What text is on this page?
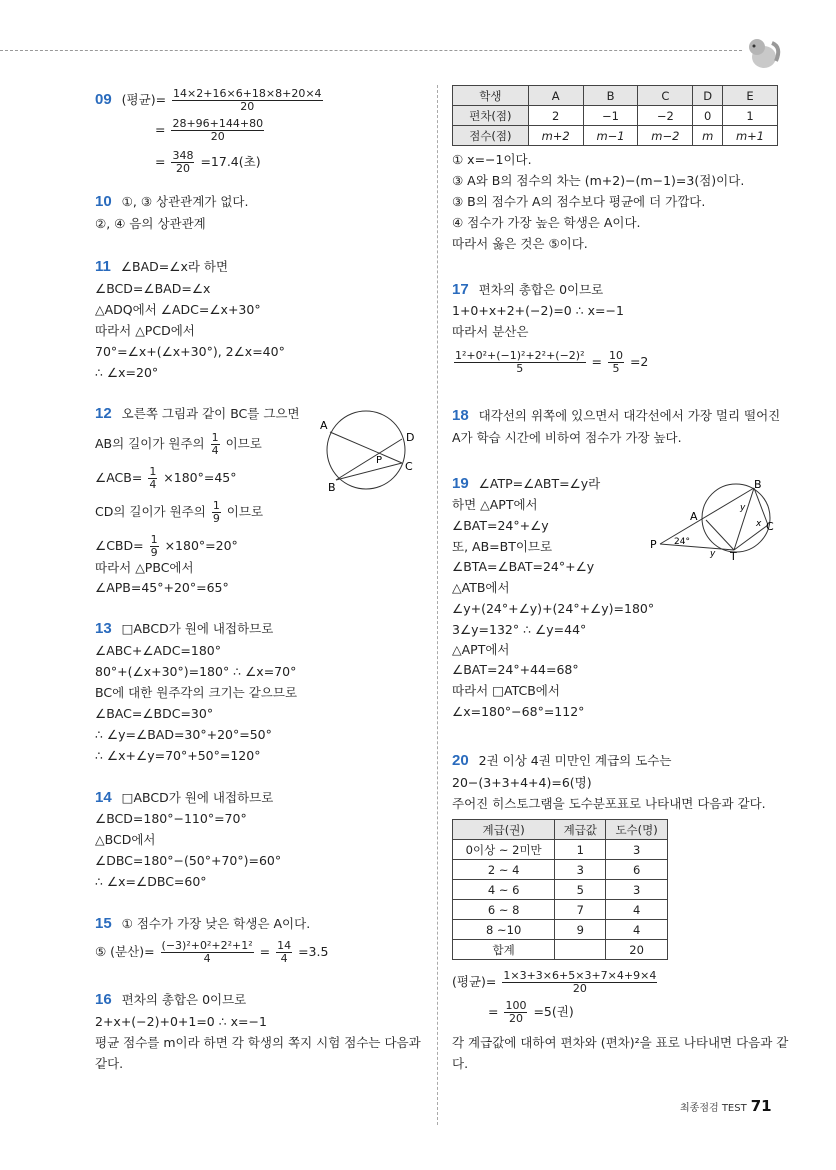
09 (평균)= $\frac{14\times 2+16\times 6+18\times 8+20\times 4}{20}$
= $\frac{28+96+144+80}{20}$
= $\frac{348}{20} =17.4$(초)
10 ①, ③ 상관관계가 없다.
②, ④ 음의 상관관계
11 ∠BAD=∠x라 하면
∠BCD=∠BAD=∠x
△ADQ에서 ∠ADC=∠x+30°
따라서 △PCD에서
70°=∠x+(∠x+30°), 2∠x=40°
∴ ∠x=20°
12 오른쪽 그림과 같이 BC를 그으면
AB의 길이가 원주의 $\frac{1}{4}$ 이므로
∠ACB= $\frac{1}{4} \times 180^\circ=45^\circ$
CD의 길이가 원주의 $\frac{1}{9}$ 이므로
∠CBD= $\frac{1}{9} \times 180^\circ=20^\circ$
따라서 △PBC에서
∠APB=45°+20°=65°
A
B
C
D
P
13 □ABCD가 원에 내접하므로
∠ABC+∠ADC=180°
80°+(∠x+30°)=180° ∴ ∠x=70°
BC에 대한 원주각의 크기는 같으므로
∠BAC=∠BDC=30°
∴ ∠y=∠BAD=30°+20°=50°
∴ ∠x+∠y=70°+50°=120°
14 □ABCD가 원에 내접하므로
∠BCD=180°−110°=70°
△BCD에서
∠DBC=180°−(50°+70°)=60°
∴ ∠x=∠DBC=60°
15 ① 점수가 가장 낮은 학생은 A이다.
⑤ (분산)= $\frac{\text{(−3)²+0²+2²+1²}}{4} = \frac{14}{4} =3.5$
16 편차의 총합은 0이므로
2+x+(−2)+0+1=0 ∴ x=−1
평균 점수를 m이라 하면 각 학생의 쪽지 시험 점수는 다음과
같다.
학생	A	B	C	D	E
편차(점)	2	−1	−2	0	1
점수(점)	m+2	m−1	m−2	m	m+1
① x=−1이다.
③ A와 B의 점수의 차는 (m+2)−(m−1)=3(점)이다.
③ B의 점수가 A의 점수보다 평균에 더 가깝다.
④ 점수가 가장 높은 학생은 A이다.
따라서 옳은 것은 ⑤이다.
17 편차의 총합은 0이므로
1+0+x+2+(−2)=0 ∴ x=−1
따라서 분산은
$\frac{\text{1²+0²+(−1)²+2²+(−2)²}}{5} = \frac{10}{5} =2$
18 대각선의 위쪽에 있으면서 대각선에서 가장 멀리 떨어진
A가 학습 시간에 비하여 점수가 가장 높다.
19 ∠ATP=∠ABT=∠y라
하면 △APT에서
∠BAT=24°+∠y
또, AB=BT이므로
∠BTA=∠BAT=24°+∠y
△ATB에서
∠y+(24°+∠y)+(24°+∠y)=180°
3∠y=132° ∴ ∠y=44°
△APT에서
∠BAT=24°+44=68°
따라서 □ATCB에서
∠x=180°−68°=112°
P
A
B
C
T
24°
x
y
y
20 2권 이상 4권 미만인 계급의 도수는
20−(3+3+4+4)=6(명)
주어진 히스토그램을 도수분포표로 나타내면 다음과 같다.
계급(권)	계급값	도수(명)
0이상 ~ 2미만	1	3
2 ~ 4	3	6
4 ~ 6	5	3
6 ~ 8	7	4
8 ~10	9	4
합계		20
(평균)= $\frac{1\times 3+3\times 6+5\times 3+7\times 4+9\times 4}{20}$
= $\frac{100}{20} =5$(권)
각 계급값에 대하여 편차와 (편차)²을 표로 나타내면 다음과 같
다.
최종점검 TEST 71
